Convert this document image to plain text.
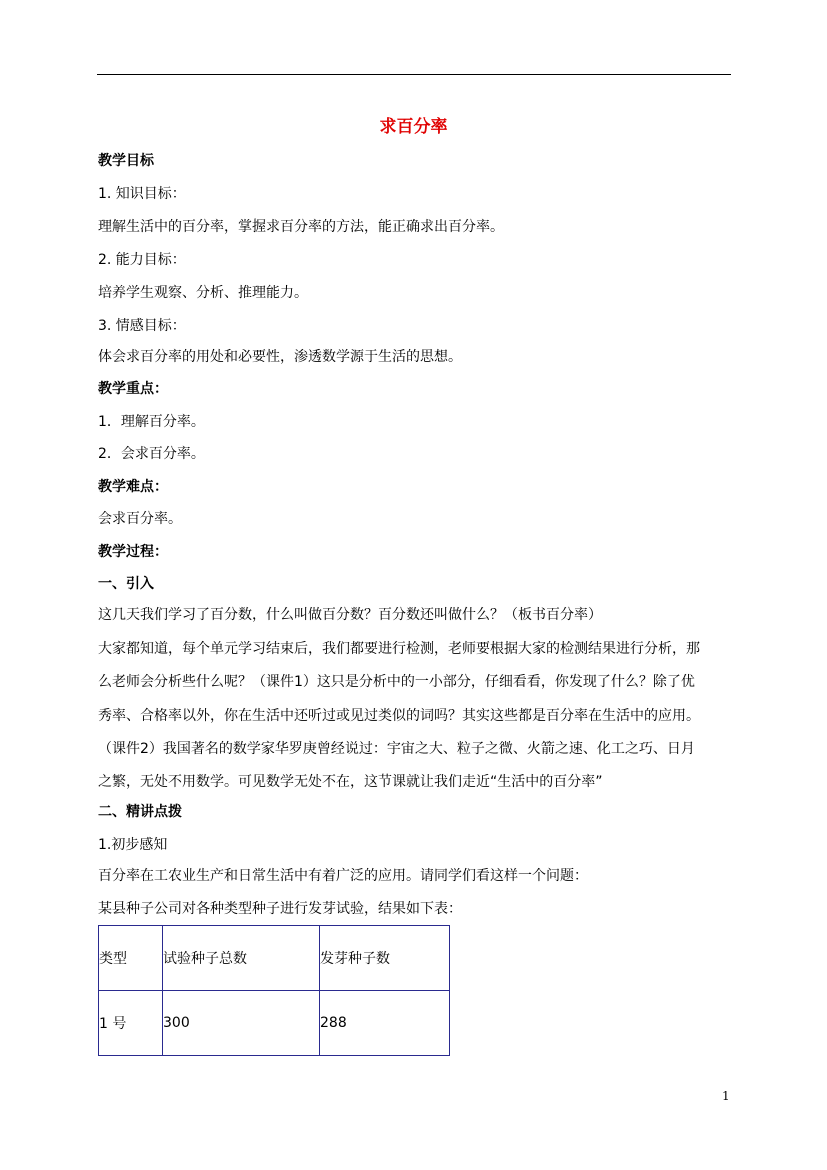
求百分率
教学目标
1. 知识目标：
理解生活中的百分率，掌握求百分率的方法，能正确求出百分率。
2. 能力目标：
培养学生观察、分析、推理能力。
3. 情感目标：
体会求百分率的用处和必要性，渗透数学源于生活的思想。
教学重点：
1．理解百分率。
2．会求百分率。
教学难点：
会求百分率。
教学过程：
一、引入
这几天我们学习了百分数，什么叫做百分数？百分数还叫做什么？（板书百分率）
大家都知道，每个单元学习结束后，我们都要进行检测，老师要根据大家的检测结果进行分析，那
么老师会分析些什么呢？（课件1）这只是分析中的一小部分，仔细看看，你发现了什么？除了优
秀率、合格率以外，你在生活中还听过或见过类似的词吗？其实这些都是百分率在生活中的应用。
（课件2）我国著名的数学家华罗庚曾经说过：宇宙之大、粒子之微、火箭之速、化工之巧、日月
之繁，无处不用数学。可见数学无处不在，这节课就让我们走近“生活中的百分率”
二、精讲点拨
1.初步感知
百分率在工农业生产和日常生活中有着广泛的应用。请同学们看这样一个问题：
某县种子公司对各种类型种子进行发芽试验，结果如下表：
类型	试验种子总数	发芽种子数
1 号	300	288
1
